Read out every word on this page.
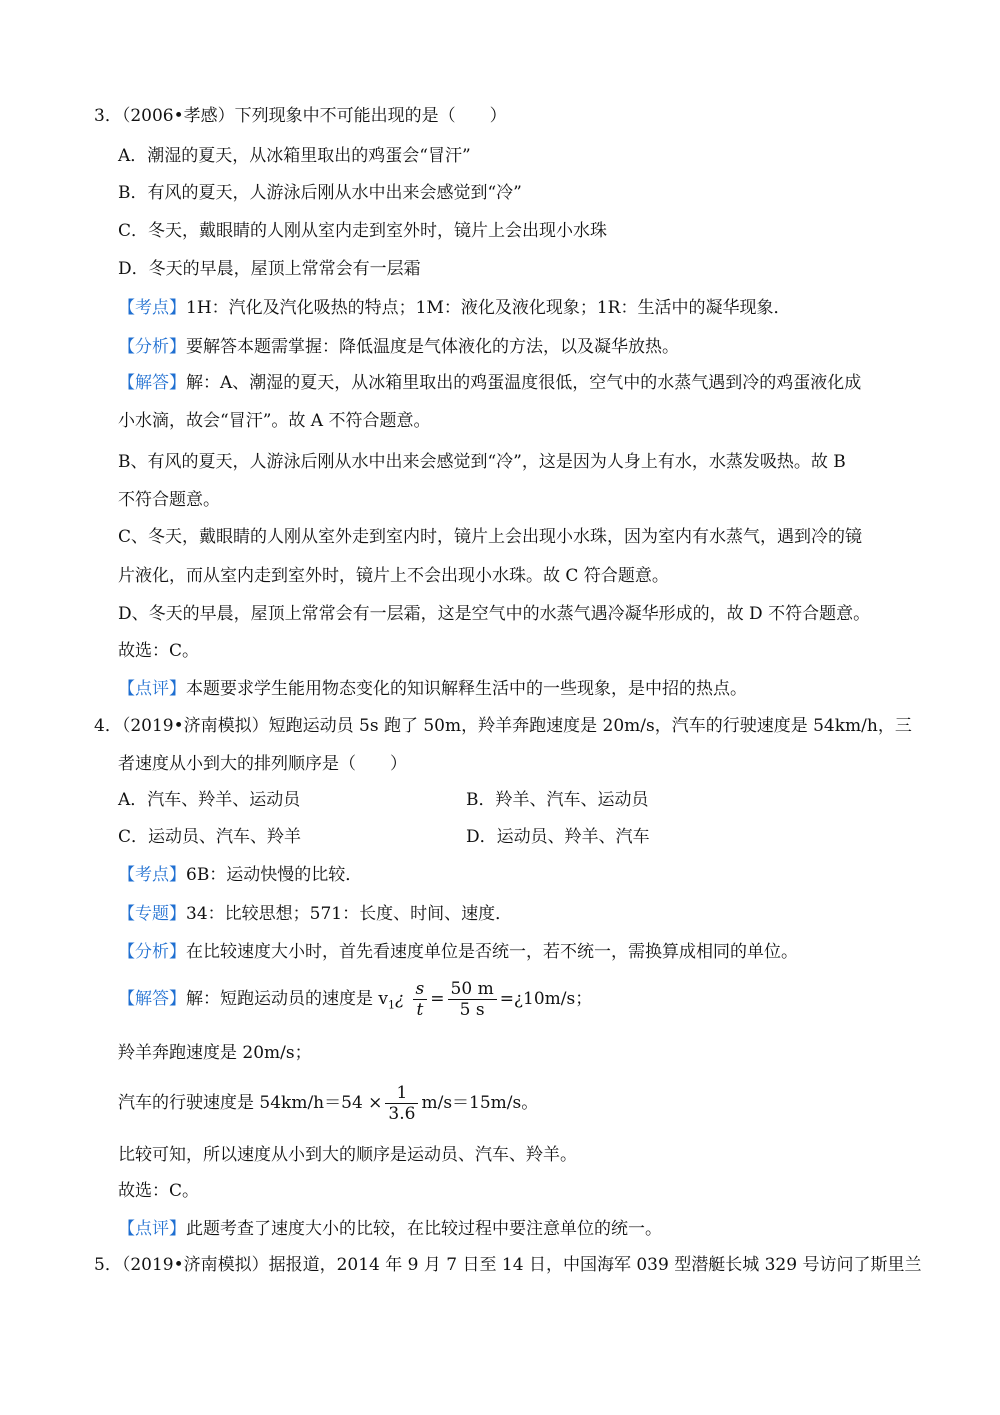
3．（2006•孝感）下列现象中不可能出现的是（　　）
A．潮湿的夏天，从冰箱里取出的鸡蛋会“冒汗”
B．有风的夏天，人游泳后刚从水中出来会感觉到“冷”
C．冬天，戴眼睛的人刚从室内走到室外时，镜片上会出现小水珠
D．冬天的早晨，屋顶上常常会有一层霜
【考点】1H：汽化及汽化吸热的特点；1M：液化及液化现象；1R：生活中的凝华现象．
【分析】要解答本题需掌握：降低温度是气体液化的方法，以及凝华放热。
【解答】解：A、潮湿的夏天，从冰箱里取出的鸡蛋温度很低，空气中的水蒸气遇到冷的鸡蛋液化成
小水滴，故会“冒汗”。故 A 不符合题意。
B、有风的夏天，人游泳后刚从水中出来会感觉到“冷”，这是因为人身上有水，水蒸发吸热。故 B
不符合题意。
C、冬天，戴眼睛的人刚从室外走到室内时，镜片上会出现小水珠，因为室内有水蒸气，遇到冷的镜
片液化，而从室内走到室外时，镜片上不会出现小水珠。故 C 符合题意。
D、冬天的早晨，屋顶上常常会有一层霜，这是空气中的水蒸气遇冷凝华形成的，故 D 不符合题意。
故选：C。
【点评】本题要求学生能用物态变化的知识解释生活中的一些现象，是中招的热点。
4．（2019•济南模拟）短跑运动员 5s 跑了 50m，羚羊奔跑速度是 20m/s，汽车的行驶速度是 54km/h，三
者速度从小到大的排列顺序是（　　）
A．汽车、羚羊、运动员	B．羚羊、汽车、运动员
C．运动员、汽车、羚羊	D．运动员、羚羊、汽车
【考点】6B：运动快慢的比较．
【专题】34：比较思想；571：长度、时间、速度．
【分析】在比较速度大小时，首先看速度单位是否统一，若不统一，需换算成相同的单位。
【解答】解：短跑运动员的速度是 $v_1¿ \frac{s}{t} = \frac{50 m}{5 s}$ =¿10m/s；
羚羊奔跑速度是 20m/s；
汽车的行驶速度是 $54km/h=54 \times \frac{1}{3.6} m/s=15m/s$。
比较可知，所以速度从小到大的顺序是运动员、汽车、羚羊。
故选：C。
【点评】此题考查了速度大小的比较，在比较过程中要注意单位的统一。
5．（2019•济南模拟）据报道，2014 年 9 月 7 日至 14 日，中国海军 039 型潜艇长城 329 号访问了斯里兰
